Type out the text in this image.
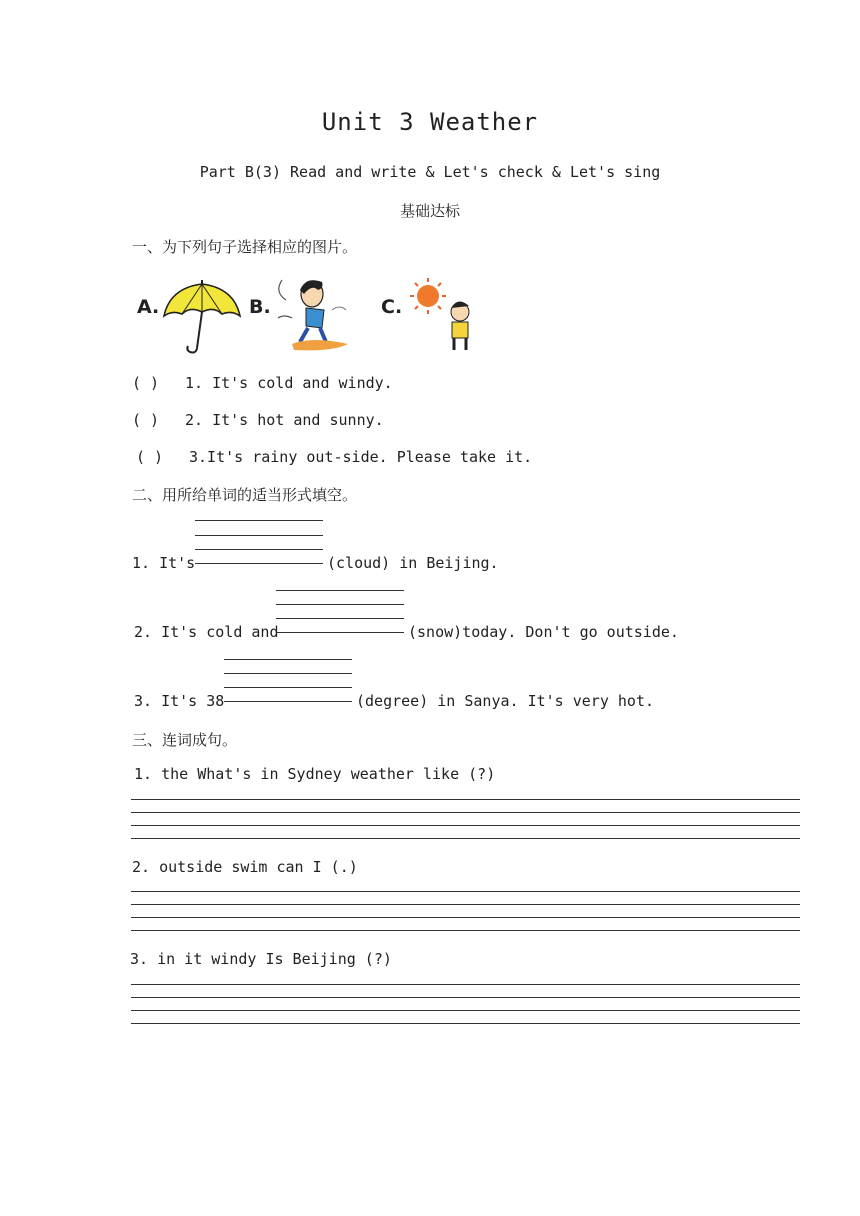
Unit 3 Weather
Part B(3) Read and write & Let's check & Let's sing
基础达标
一、为下列句子选择相应的图片。
A.	B.	C.
( ) 1. It's cold and windy.
( ) 2. It's hot and sunny.
( ) 3.It's rainy out-side. Please take it.
二、用所给单词的适当形式填空。
1. It's	(cloud) in Beijing.
2. It's cold and	(snow)today. Don't go outside.
3. It's 38	(degree) in Sanya. It's very hot.
三、连词成句。
1. the What's in Sydney weather like (?)
2. outside swim can I (.)
3. in it windy Is Beijing (?)
